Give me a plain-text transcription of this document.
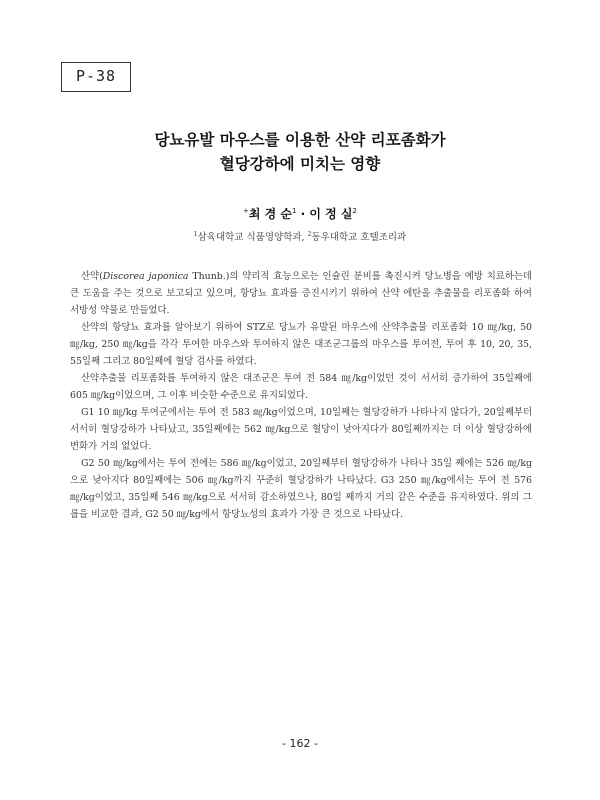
P-38
당뇨유발 마우스를 이용한 산약 리포좀화가
혈당강하에 미치는 영향
+최 경 순$^1$ · 이 정 실$^2$
$^1$삼육대학교 식품영양학과, $^2$동우대학교 호텔조리과

산약(Discorea japonica Thunb.)의 약리적 효능으로는 인슐린 분비를 촉진시켜 당뇨병을 예방 치료하는데 큰 도움을 주는 것으로 보고되고 있으며, 항당뇨 효과를 증진시키기 위하여 산약 에탄올 추출물을 리포좀화 하여 서방성 약물로 만들었다.

산약의 항당뇨 효과를 알아보기 위하여 STZ로 당뇨가 유발된 마우스에 산약추출물 리포좀화 10 ㎎/kg, 50 ㎎/kg, 250 ㎎/kg을 각각 투여한 마우스와 투여하지 않은 대조군그룹의 마우스를 투여전, 투여 후 10, 20, 35, 55일째 그리고 80일째에 혈당 검사를 하였다.

산약추출물 리포좀화를 투여하지 않은 대조군은 투여 전 584 ㎎/kg이었던 것이 서서히 증가하여 35일째에 605 ㎎/kg이었으며, 그 이후 비슷한 수준으로 유지되었다.

G1 10 ㎎/kg 투여군에서는 투여 전 583 ㎎/kg이었으며, 10일째는 혈당강하가 나타나지 않다가, 20일째부터 서서히 혈당강하가 나타났고, 35일째에는 562 ㎎/kg으로 혈당이 낮아지다가 80일째까지는 더 이상 혈당강하에 변화가 거의 없었다.

G2 50 ㎎/kg에서는 투여 전에는 586 ㎎/kg이었고, 20일째부터 혈당강하가 나타나 35일 째에는 526 ㎎/kg으로 낮아지다 80일째에는 506 ㎎/kg까지 꾸준히 혈당강하가 나타났다. G3 250 ㎎/kg에서는 투여 전 576 ㎎/kg이었고, 35일째 546 ㎎/kg으로 서서히 감소하였으나, 80일 째까지 거의 같은 수준을 유지하였다. 위의 그룹을 비교한 결과, G2 50 ㎎/kg에서 항당뇨성의 효과가 가장 큰 것으로 나타났다.

- 162 -
